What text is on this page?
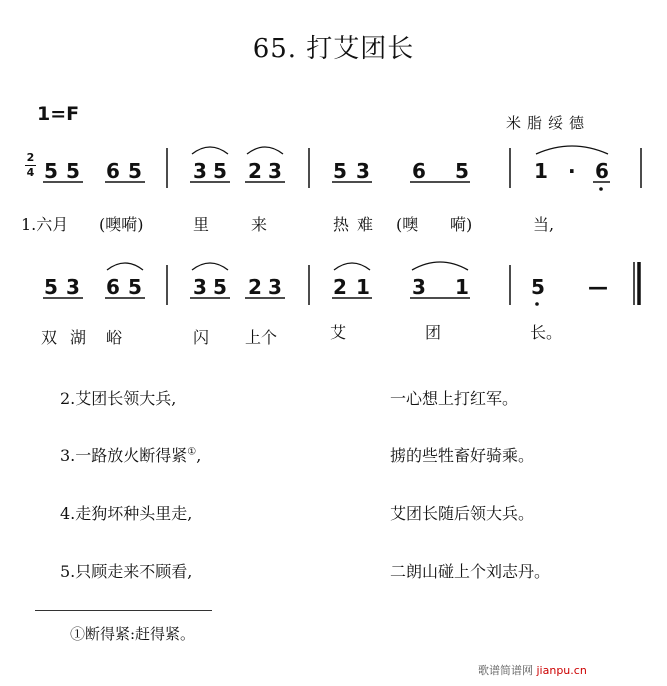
65. 打艾团长
1=F	米脂绥德
2
4 5 5 6 5	3 5 2 3	5 3 6 5	1 · 6
1.六月 (噢嗬)	里	来	热 难 (噢 嗬)	当,
5 3 6 5	3 5 2 3	2 1 3 1	5 —
双 湖 峪	闪 上个	艾	团	长。
2.艾团长领大兵,	一心想上打红军。
3.一路放火断得紧①,	掳的些牲畜好骑乘。
4.走狗坏种头里走,	艾团长随后领大兵。
5.只顾走来不顾看,	二朗山碰上个刘志丹。
①断得紧:赶得紧。
歌谱简谱网 jianpu.cn
